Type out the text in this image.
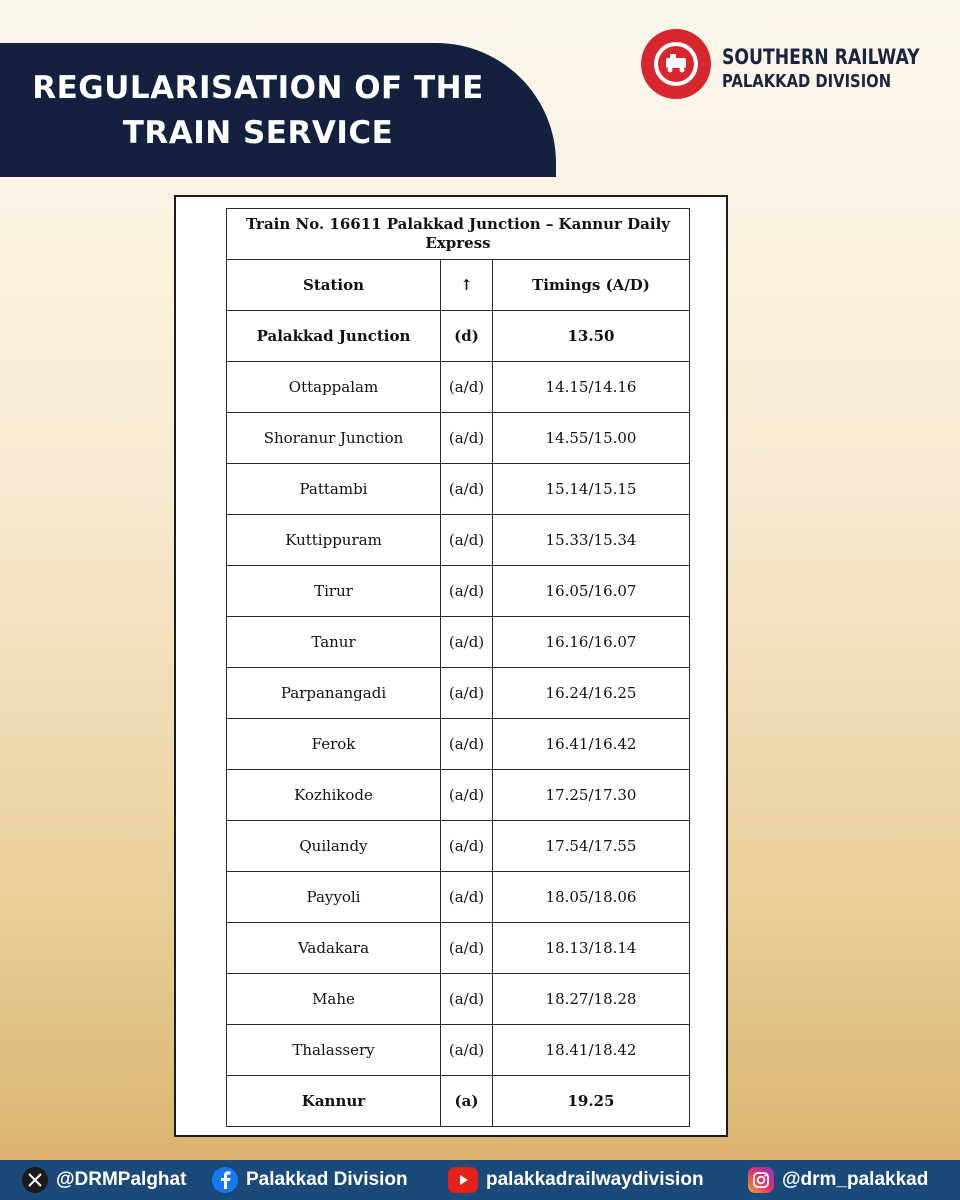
REGULARISATION OF THE
TRAIN SERVICE
SOUTHERN RAILWAY
PALAKKAD DIVISION
Train No. 16611 Palakkad Junction – Kannur Daily Express		
Station	↑	Timings (A/D)
Palakkad Junction	(d)	13.50
Ottappalam	(a/d)	14.15/14.16
Shoranur Junction	(a/d)	14.55/15.00
Pattambi	(a/d)	15.14/15.15
Kuttippuram	(a/d)	15.33/15.34
Tirur	(a/d)	16.05/16.07
Tanur	(a/d)	16.16/16.07
Parpanangadi	(a/d)	16.24/16.25
Ferok	(a/d)	16.41/16.42
Kozhikode	(a/d)	17.25/17.30
Quilandy	(a/d)	17.54/17.55
Payyoli	(a/d)	18.05/18.06
Vadakara	(a/d)	18.13/18.14
Mahe	(a/d)	18.27/18.28
Thalassery	(a/d)	18.41/18.42
Kannur	(a)	19.25
@DRMPalghat	Palakkad Division	palakkadrailwaydivision	@drm_palakkad
